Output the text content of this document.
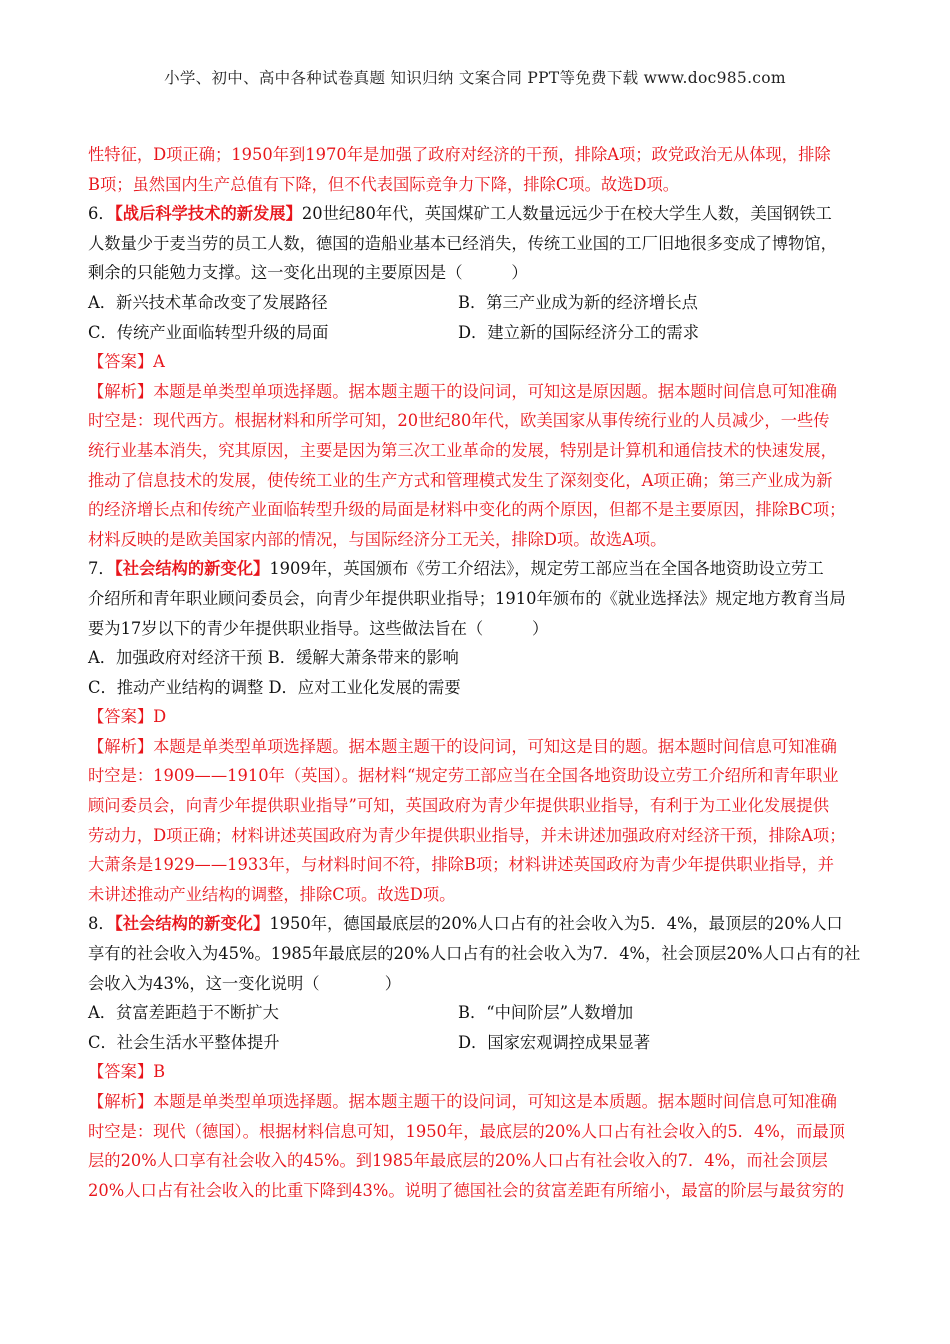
小学、初中、高中各种试卷真题 知识归纳 文案合同 PPT等免费下载 www.doc985.com

性特征，D项正确；1950年到1970年是加强了政府对经济的干预，排除A项；政党政治无从体现，排除

B项；虽然国内生产总值有下降，但不代表国际竞争力下降，排除C项。故选D项。

6．【战后科学技术的新发展】20世纪80年代，英国煤矿工人数量远远少于在校大学生人数，美国钢铁工

人数量少于麦当劳的员工人数，德国的造船业基本已经消失，传统工业国的工厂旧地很多变成了博物馆，

剩余的只能勉力支撑。这一变化出现的主要原因是（　　　）

A．新兴技术革命改变了发展路径	B．第三产业成为新的经济增长点
C．传统产业面临转型升级的局面	D．建立新的国际经济分工的需求

【答案】A

【解析】本题是单类型单项选择题。据本题主题干的设问词，可知这是原因题。据本题时间信息可知准确

时空是：现代西方。根据材料和所学可知，20世纪80年代，欧美国家从事传统行业的人员减少，一些传

统行业基本消失，究其原因，主要是因为第三次工业革命的发展，特别是计算机和通信技术的快速发展，

推动了信息技术的发展，使传统工业的生产方式和管理模式发生了深刻变化，A项正确；第三产业成为新

的经济增长点和传统产业面临转型升级的局面是材料中变化的两个原因，但都不是主要原因，排除BC项；

材料反映的是欧美国家内部的情况，与国际经济分工无关，排除D项。故选A项。

7．【社会结构的新变化】1909年，英国颁布《劳工介绍法》，规定劳工部应当在全国各地资助设立劳工

介绍所和青年职业顾问委员会，向青少年提供职业指导；1910年颁布的《就业选择法》规定地方教育当局

要为17岁以下的青少年提供职业指导。这些做法旨在（　　　）

A．加强政府对经济干预 B．缓解大萧条带来的影响

C．推动产业结构的调整 D．应对工业化发展的需要

【答案】D

【解析】本题是单类型单项选择题。据本题主题干的设问词，可知这是目的题。据本题时间信息可知准确

时空是：1909——1910年（英国）。据材料“规定劳工部应当在全国各地资助设立劳工介绍所和青年职业

顾问委员会，向青少年提供职业指导”可知，英国政府为青少年提供职业指导，有利于为工业化发展提供

劳动力，D项正确；材料讲述英国政府为青少年提供职业指导，并未讲述加强政府对经济干预，排除A项；

大萧条是1929——1933年，与材料时间不符，排除B项；材料讲述英国政府为青少年提供职业指导，并

未讲述推动产业结构的调整，排除C项。故选D项。

8．【社会结构的新变化】1950年，德国最底层的20%人口占有的社会收入为5．4%，最顶层的20%人口

享有的社会收入为45%。1985年最底层的20%人口占有的社会收入为7．4%，社会顶层20%人口占有的社

会收入为43%，这一变化说明（　　　　）

A．贫富差距趋于不断扩大	B．“中间阶层”人数增加
C．社会生活水平整体提升	D．国家宏观调控成果显著

【答案】B

【解析】本题是单类型单项选择题。据本题主题干的设问词，可知这是本质题。据本题时间信息可知准确

时空是：现代（德国）。根据材料信息可知，1950年，最底层的20%人口占有社会收入的5．4%，而最顶

层的20%人口享有社会收入的45%。到1985年最底层的20%人口占有社会收入的7．4%，而社会顶层

20%人口占有社会收入的比重下降到43%。说明了德国社会的贫富差距有所缩小，最富的阶层与最贫穷的
